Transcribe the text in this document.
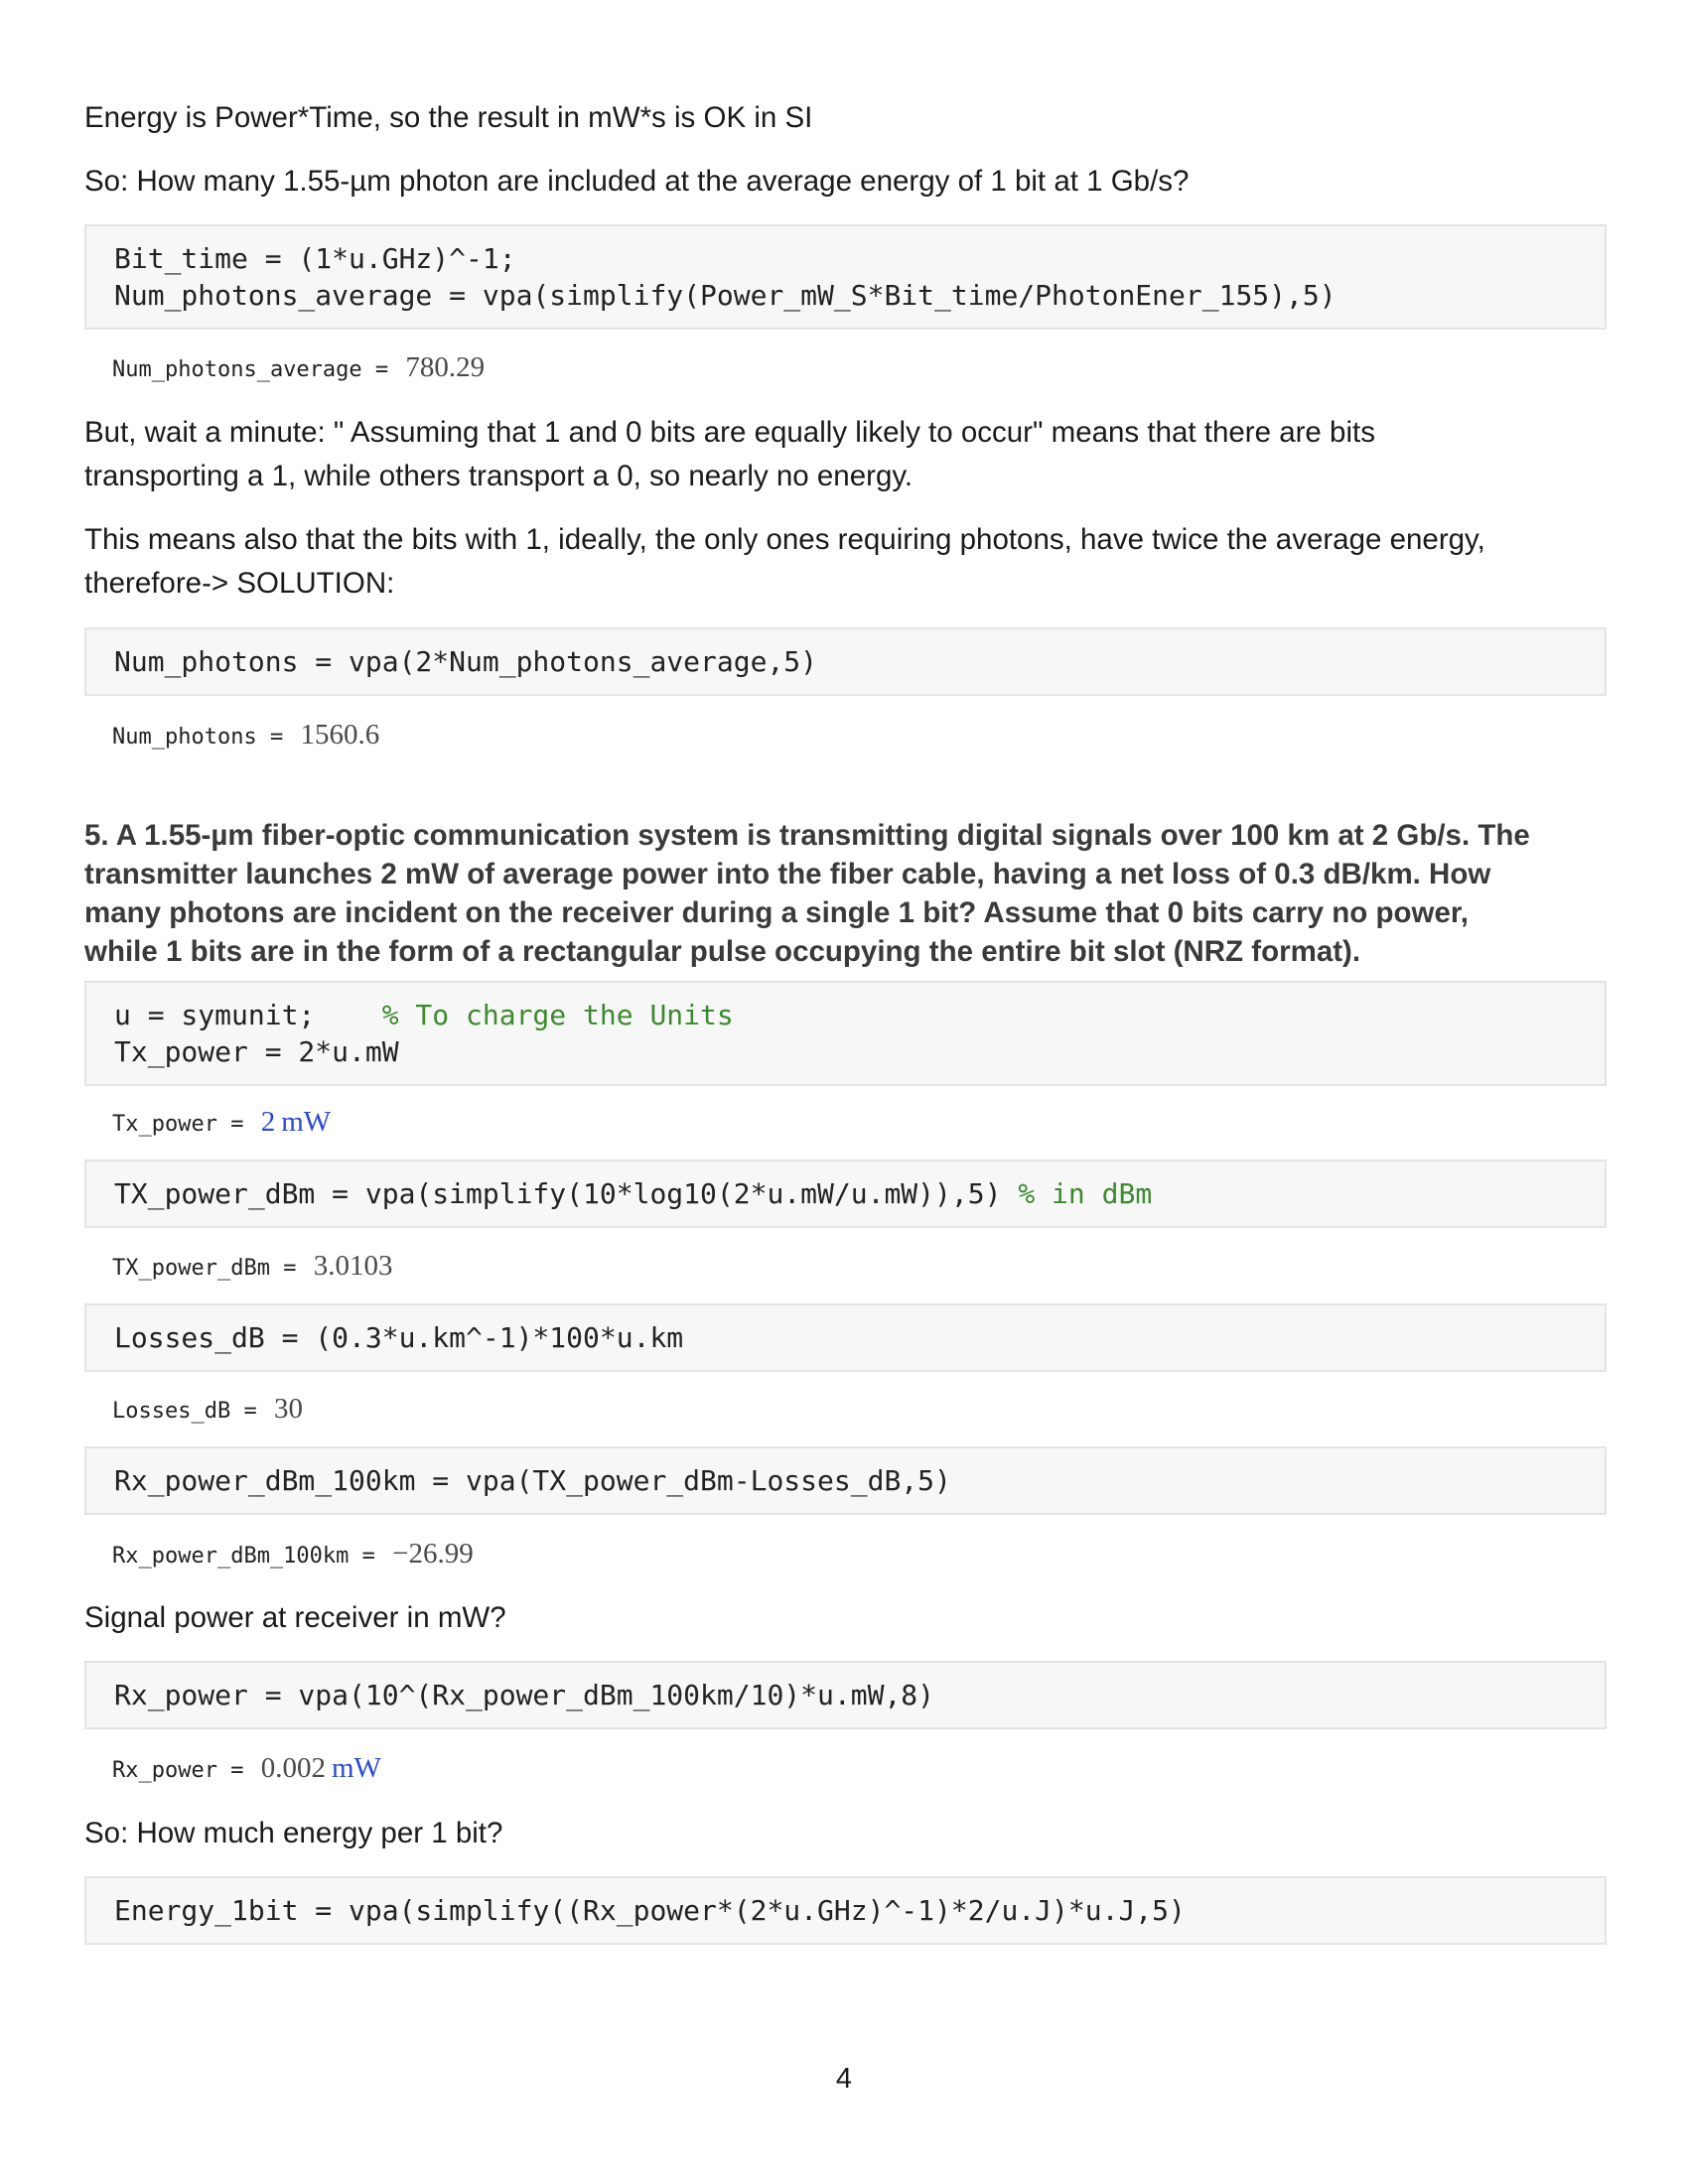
Energy is Power*Time, so the result in mW*s is OK in SI

So: How many 1.55-µm photon are included at the average energy of 1 bit at 1 Gb/s?

Bit_time = (1*u.GHz)^-1;
Num_photons_average = vpa(simplify(Power_mW_S*Bit_time/PhotonEner_155),5)
Num_photons_average = 780.29

But, wait a minute: " Assuming that 1 and 0 bits are equally likely to occur" means that there are bits
transporting a 1, while others transport a 0, so nearly no energy.

This means also that the bits with 1, ideally, the only ones requiring photons, have twice the average energy,
therefore-> SOLUTION:

Num_photons = vpa(2*Num_photons_average,5)
Num_photons = 1560.6

5. A 1.55-µm fiber-optic communication system is transmitting digital signals over 100 km at 2 Gb/s. The
transmitter launches 2 mW of average power into the fiber cable, having a net loss of 0.3 dB/km. How
many photons are incident on the receiver during a single 1 bit? Assume that 0 bits carry no power,
while 1 bits are in the form of a rectangular pulse occupying the entire bit slot (NRZ format).

u = symunit;    % To charge the Units
Tx_power = 2*u.mW
Tx_power = 2 mW
TX_power_dBm = vpa(simplify(10*log10(2*u.mW/u.mW)),5) % in dBm
TX_power_dBm = 3.0103
Losses_dB = (0.3*u.km^-1)*100*u.km
Losses_dB = 30
Rx_power_dBm_100km = vpa(TX_power_dBm-Losses_dB,5)
Rx_power_dBm_100km = −26.99

Signal power at receiver in mW?

Rx_power = vpa(10^(Rx_power_dBm_100km/10)*u.mW,8)
Rx_power = 0.002 mW

So: How much energy per 1 bit?

Energy_1bit = vpa(simplify((Rx_power*(2*u.GHz)^-1)*2/u.J)*u.J,5)
4
